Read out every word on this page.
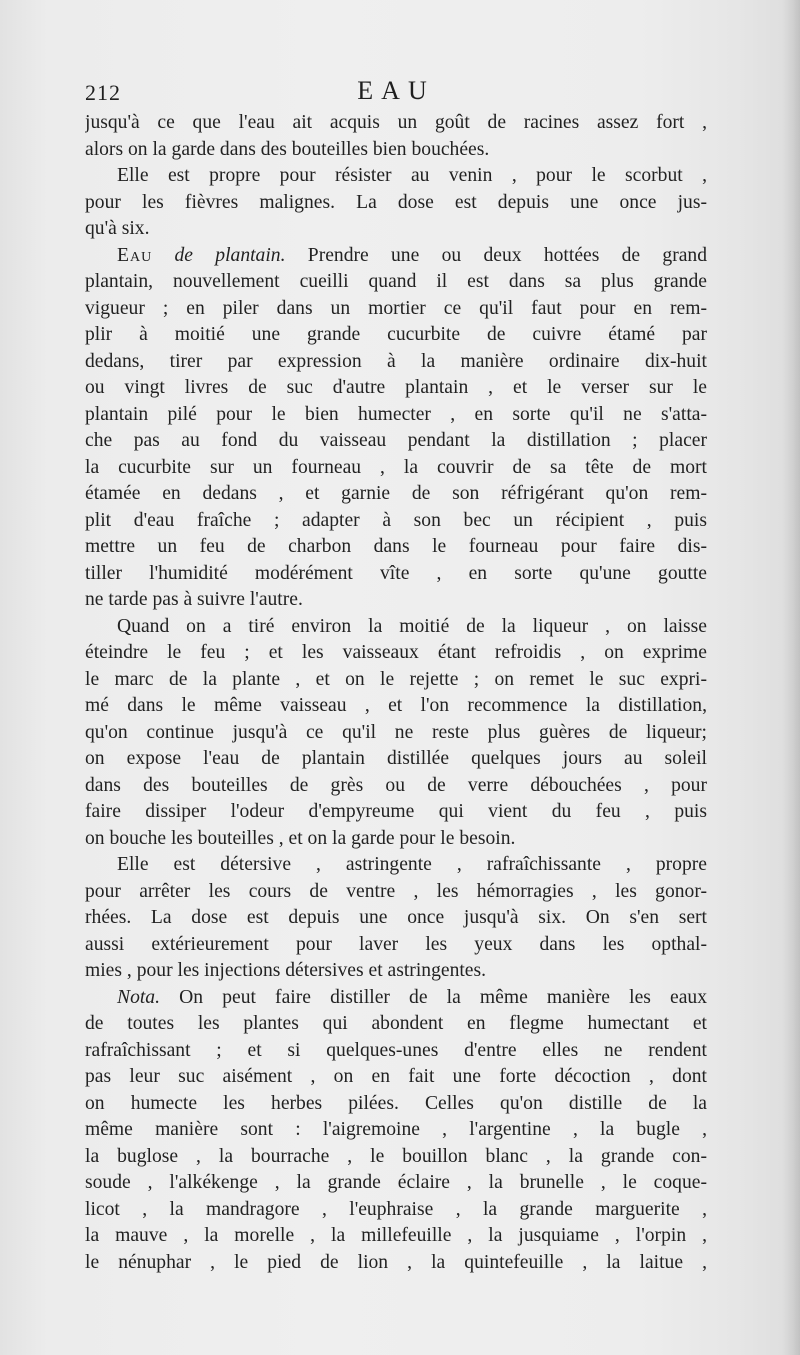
212	EAU
jusqu'à ce que l'eau ait acquis un goût de racines assez fort ,
alors on la garde dans des bouteilles bien bouchées.
Elle est propre pour résister au venin , pour le scorbut ,
pour les fièvres malignes. La dose est depuis une once jus-
qu'à six.
Eau de plantain. Prendre une ou deux hottées de grand
plantain, nouvellement cueilli quand il est dans sa plus grande
vigueur ; en piler dans un mortier ce qu'il faut pour en rem-
plir à moitié une grande cucurbite de cuivre étamé par
dedans, tirer par expression à la manière ordinaire dix-huit
ou vingt livres de suc d'autre plantain , et le verser sur le
plantain pilé pour le bien humecter , en sorte qu'il ne s'atta-
che pas au fond du vaisseau pendant la distillation ; placer
la cucurbite sur un fourneau , la couvrir de sa tête de mort
étamée en dedans , et garnie de son réfrigérant qu'on rem-
plit d'eau fraîche ; adapter à son bec un récipient , puis
mettre un feu de charbon dans le fourneau pour faire dis-
tiller l'humidité modérément vîte , en sorte qu'une goutte
ne tarde pas à suivre l'autre.
Quand on a tiré environ la moitié de la liqueur , on laisse
éteindre le feu ; et les vaisseaux étant refroidis , on exprime
le marc de la plante , et on le rejette ; on remet le suc expri-
mé dans le même vaisseau , et l'on recommence la distillation,
qu'on continue jusqu'à ce qu'il ne reste plus guères de liqueur;
on expose l'eau de plantain distillée quelques jours au soleil
dans des bouteilles de grès ou de verre débouchées , pour
faire dissiper l'odeur d'empyreume qui vient du feu , puis
on bouche les bouteilles , et on la garde pour le besoin.
Elle est détersive , astringente , rafraîchissante , propre
pour arrêter les cours de ventre , les hémorragies , les gonor-
rhées. La dose est depuis une once jusqu'à six. On s'en sert
aussi extérieurement pour laver les yeux dans les opthal-
mies , pour les injections détersives et astringentes.
Nota. On peut faire distiller de la même manière les eaux
de toutes les plantes qui abondent en flegme humectant et
rafraîchissant ; et si quelques-unes d'entre elles ne rendent
pas leur suc aisément , on en fait une forte décoction , dont
on humecte les herbes pilées. Celles qu'on distille de la
même manière sont : l'aigremoine , l'argentine , la bugle ,
la buglose , la bourrache , le bouillon blanc , la grande con-
soude , l'alkékenge , la grande éclaire , la brunelle , le coque-
licot , la mandragore , l'euphraise , la grande marguerite ,
la mauve , la morelle , la millefeuille , la jusquiame , l'orpin ,
le nénuphar , le pied de lion , la quintefeuille , la laitue ,
